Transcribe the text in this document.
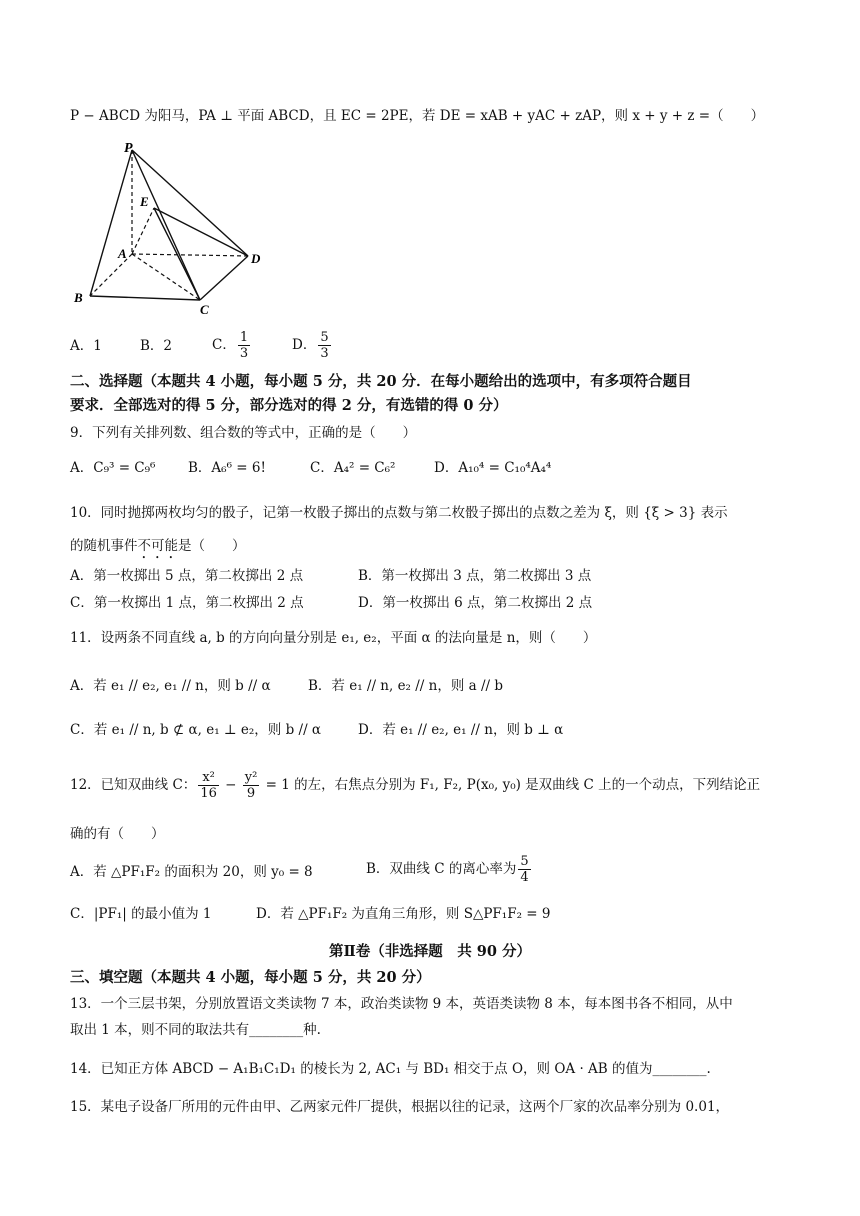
P − ABCD 为阳马，PA ⊥ 平面 ABCD，且 EC = 2PE，若 DE = xAB + yAC + zAP，则 x + y + z =（　　）
P
E
A	D
B
C
A．1	B．2	C． $\frac{1}{3}$	D． $\frac{5}{3}$
二、选择题（本题共 4 小题，每小题 5 分，共 20 分．在每小题给出的选项中，有多项符合题目
要求．全部选对的得 5 分，部分选对的得 2 分，有选错的得 0 分）
9．下列有关排列数、组合数的等式中，正确的是（　　）
A．C₉³ = C₉⁶ B．A₆⁶ = 6!	C．A₄² = C₆²	D．A₁₀⁴ = C₁₀⁴A₄⁴
10．同时抛掷两枚均匀的骰子，记第一枚骰子掷出的点数与第二枚骰子掷出的点数之差为 ξ，则 {ξ > 3} 表示
的随机事件不可能是（　　）
A．第一枚掷出 5 点，第二枚掷出 2 点	B．第一枚掷出 3 点，第二枚掷出 3 点
C．第一枚掷出 1 点，第二枚掷出 2 点	D．第一枚掷出 6 点，第二枚掷出 2 点
11．设两条不同直线 a, b 的方向向量分别是 e₁, e₂，平面 α 的法向量是 n，则（　　）
A．若 e₁ // e₂, e₁ // n，则 b // α	B．若 e₁ // n, e₂ // n，则 a // b
C．若 e₁ // n, b ⊄ α, e₁ ⊥ e₂，则 b // α	D．若 e₁ // e₂, e₁ // n，则 b ⊥ α
12．已知双曲线 C： $\frac{\text{x²}}{16} - \frac{\text{y²}}{9} = 1$ 的左，右焦点分别为 F₁, F₂, P(x₀, y₀) 是双曲线 C 上的一个动点，下列结论正
确的有（　　）
A．若 △PF₁F₂ 的面积为 20，则 y₀ = 8	B．双曲线 C 的离心率为 $\frac{5}{4}$
C．|PF₁| 的最小值为 1	D．若 △PF₁F₂ 为直角三角形，则 S△PF₁F₂ = 9
第Ⅱ卷（非选择题　共 90 分）
三、填空题（本题共 4 小题，每小题 5 分，共 20 分）
13．一个三层书架，分别放置语文类读物 7 本，政治类读物 9 本，英语类读物 8 本，每本图书各不相同，从中
取出 1 本，则不同的取法共有________种.
14．已知正方体 ABCD − A₁B₁C₁D₁ 的棱长为 2, AC₁ 与 BD₁ 相交于点 O，则 OA · AB 的值为________.
15．某电子设备厂所用的元件由甲、乙两家元件厂提供，根据以往的记录，这两个厂家的次品率分别为 0.01，
